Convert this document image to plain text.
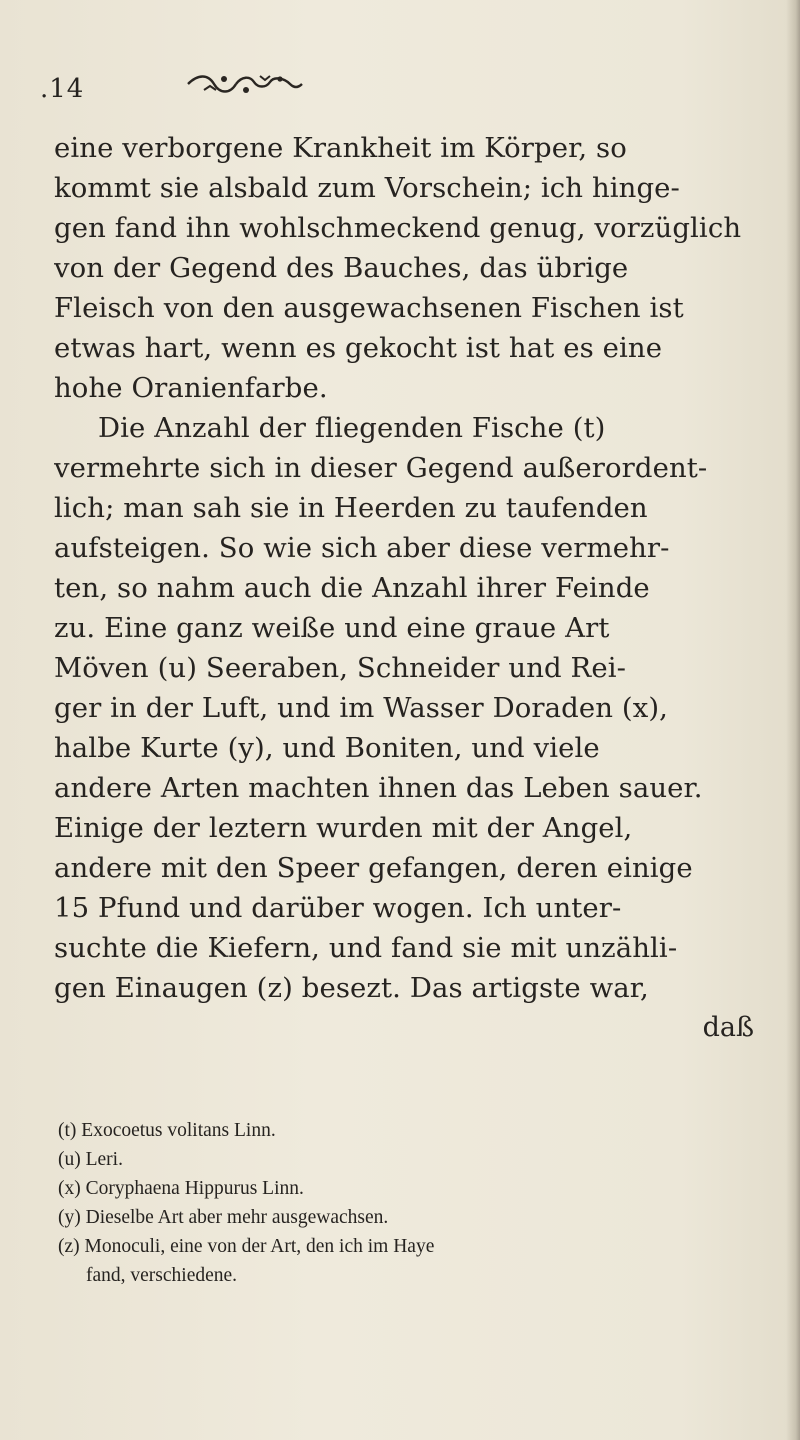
.14
eine verborgene Krankheit im Körper, so
kommt sie alsbald zum Vorschein; ich hinge-
gen fand ihn wohlschmeckend genug, vorzüglich
von der Gegend des Bauches, das übrige
Fleisch von den ausgewachsenen Fischen ist
etwas hart, wenn es gekocht ist hat es eine
hohe Oranienfarbe.
Die Anzahl der fliegenden Fische (t)
vermehrte sich in dieser Gegend außerordent-
lich; man sah sie in Heerden zu taufenden
aufsteigen. So wie sich aber diese vermehr-
ten, so nahm auch die Anzahl ihrer Feinde
zu. Eine ganz weiße und eine graue Art
Möven (u) Seeraben, Schneider und Rei-
ger in der Luft, und im Wasser Doraden (x),
halbe Kurte (y), und Boniten, und viele
andere Arten machten ihnen das Leben sauer.
Einige der leztern wurden mit der Angel,
andere mit den Speer gefangen, deren einige
15 Pfund und darüber wogen. Ich unter-
suchte die Kiefern, und fand sie mit unzähli-
gen Einaugen (z) besezt. Das artigste war,
daß
(t) Exocoetus volitans Linn.
(u) Leri.
(x) Coryphaena Hippurus Linn.
(y) Dieselbe Art aber mehr ausgewachsen.
(z) Monoculi, eine von der Art, den ich im Hayе
fand, verschiedene.
